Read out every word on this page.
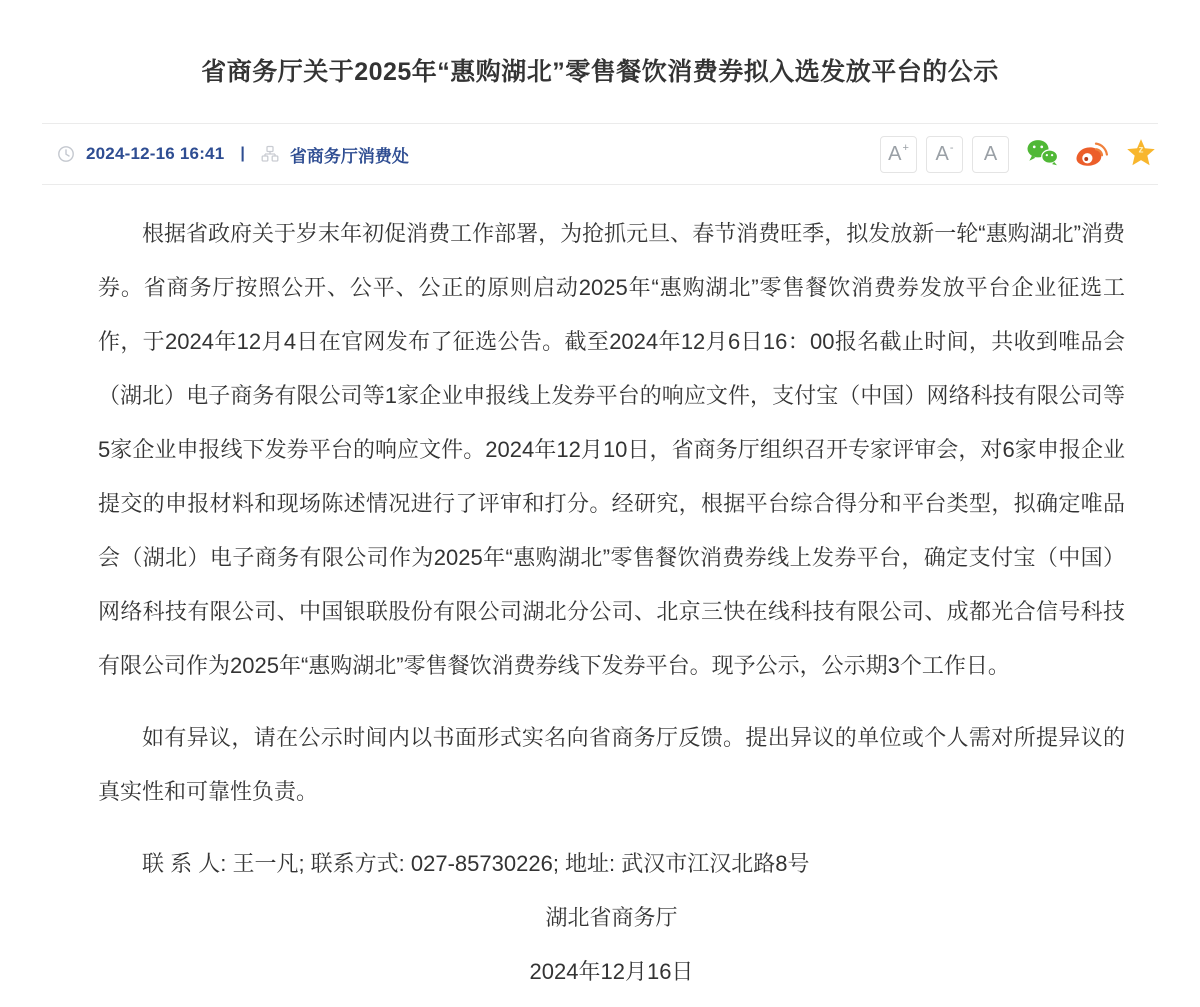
省商务厅关于2025年“惠购湖北”零售餐饮消费券拟入选发放平台的公示
2024-12-16 16:41 |	省商务厅消费处	A + A - A	z

根据省政府关于岁末年初促消费工作部署，为抢抓元旦、春节消费旺季，拟发放新一轮“惠购湖北”消费券。省商务厅按照公开、公平、公正的原则启动2025年“惠购湖北”零售餐饮消费券发放平台企业征选工作，于2024年12月4日在官网发布了征选公告。截至2024年12月6日16：00报名截止时间，共收到唯品会（湖北）电子商务有限公司等1家企业申报线上发券平台的响应文件，支付宝（中国）网络科技有限公司等5家企业申报线下发券平台的响应文件。2024年12月10日，省商务厅组织召开专家评审会，对6家申报企业提交的申报材料和现场陈述情况进行了评审和打分。经研究，根据平台综合得分和平台类型，拟确定唯品会（湖北）电子商务有限公司作为2025年“惠购湖北”零售餐饮消费券线上发券平台，确定支付宝（中国）网络科技有限公司、中国银联股份有限公司湖北分公司、北京三快在线科技有限公司、成都光合信号科技有限公司作为2025年“惠购湖北”零售餐饮消费券线下发券平台。现予公示，公示期3个工作日。

如有异议，请在公示时间内以书面形式实名向省商务厅反馈。提出异议的单位或个人需对所提异议的真实性和可靠性负责。

联 系 人: 王一凡; 联系方式: 027-85730226; 地址: 武汉市江汉北路8号

湖北省商务厅

2024年12月16日
